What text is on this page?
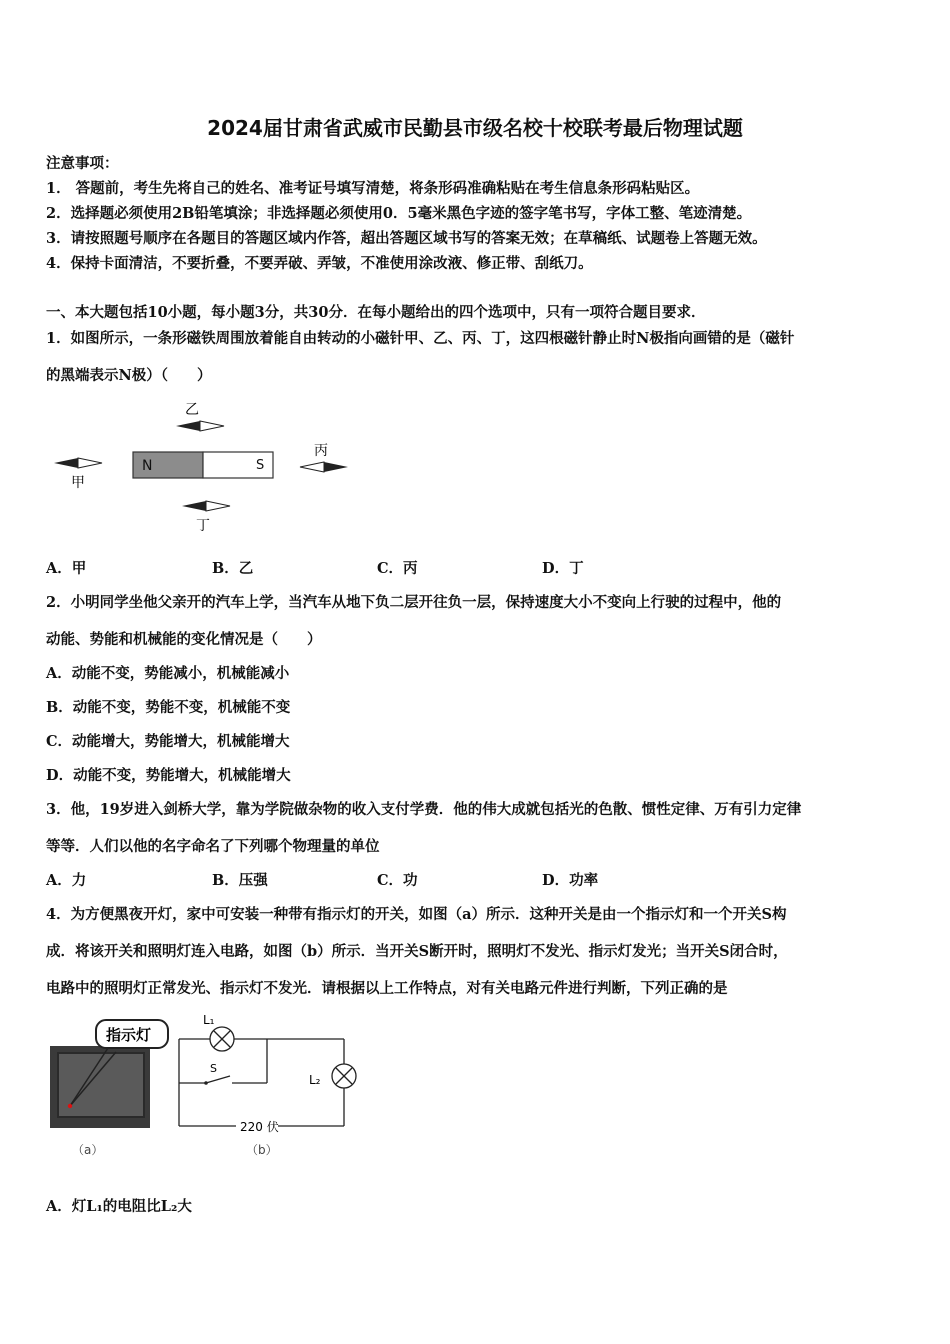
2024届甘肃省武威市民勤县市级名校十校联考最后物理试题
注意事项：
1． 答题前，考生先将自己的姓名、准考证号填写清楚，将条形码准确粘贴在考生信息条形码粘贴区。
2．选择题必须使用2B铅笔填涂；非选择题必须使用0．5毫米黑色字迹的签字笔书写，字体工整、笔迹清楚。
3．请按照题号顺序在各题目的答题区域内作答，超出答题区域书写的答案无效；在草稿纸、试题卷上答题无效。
4．保持卡面清洁，不要折叠，不要弄破、弄皱，不准使用涂改液、修正带、刮纸刀。
一、本大题包括10小题，每小题3分，共30分．在每小题给出的四个选项中，只有一项符合题目要求．
1．如图所示，一条形磁铁周围放着能自由转动的小磁针甲、乙、丙、丁，这四根磁针静止时N极指向画错的是（磁针
的黑端表示N极）（　　）
N	S
乙
甲
丙
丁
A．甲	B．乙	C．丙	D．丁
2．小明同学坐他父亲开的汽车上学，当汽车从地下负二层开往负一层，保持速度大小不变向上行驶的过程中，他的
动能、势能和机械能的变化情况是（　　）
A．动能不变，势能减小，机械能减小
B．动能不变，势能不变，机械能不变
C．动能增大，势能增大，机械能增大
D．动能不变，势能增大，机械能增大
3．他，19岁进入剑桥大学，靠为学院做杂物的收入支付学费．他的伟大成就包括光的色散、惯性定律、万有引力定律
等等．人们以他的名字命名了下列哪个物理量的单位
A．力	B．压强	C．功	D．功率
4．为方便黑夜开灯，家中可安装一种带有指示灯的开关，如图（a）所示．这种开关是由一个指示灯和一个开关S构
成．将该开关和照明灯连入电路，如图（b）所示．当开关S断开时，照明灯不发光、指示灯发光；当开关S闭合时，
电路中的照明灯正常发光、指示灯不发光．请根据以上工作特点，对有关电路元件进行判断，下列正确的是
指示灯
（a）
L₁
L₂
S
220 伏
（b）
A．灯L₁的电阻比L₂大
